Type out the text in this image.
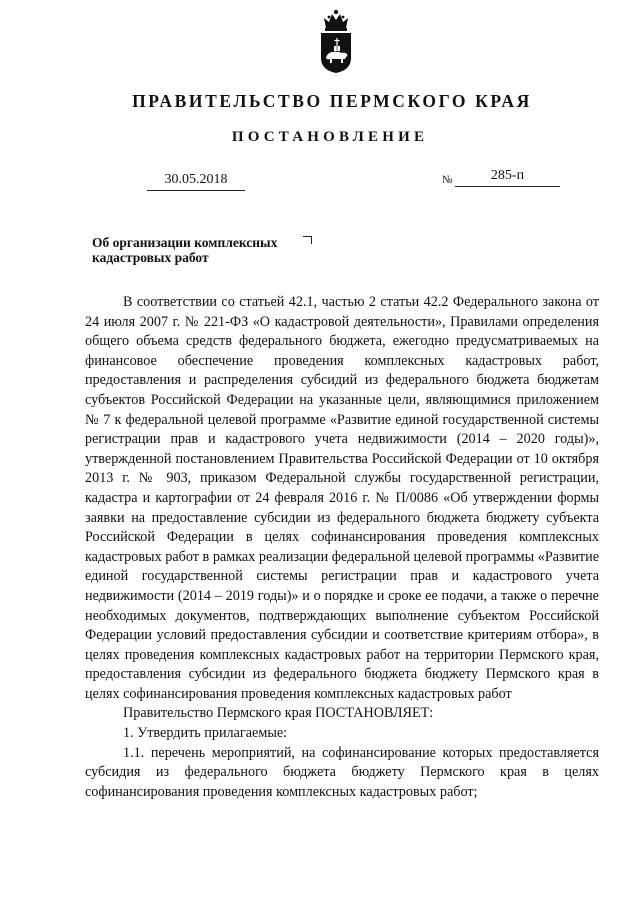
ПРАВИТЕЛЬСТВО ПЕРМСКОГО КРАЯ
ПОСТАНОВЛЕНИЕ
30.05.2018	№	285-п
Об организации комплексных
кадастровых работ

В соответствии со статьей 42.1, частью 2 статьи 42.2 Федерального закона от 24 июля 2007 г. № 221-ФЗ «О кадастровой деятельности», Правилами определения общего объема средств федерального бюджета, ежегодно предусматриваемых на финансовое обеспечение проведения комплексных кадастровых работ, предоставления и распределения субсидий из федерального бюджета бюджетам субъектов Российской Федерации на указанные цели, являющимися приложением № 7 к федеральной целевой программе «Развитие единой государственной системы регистрации прав и кадастрового учета недвижимости (2014 – 2020 годы)», утвержденной постановлением Правительства Российской Федерации от 10 октября 2013 г. № 903, приказом Федеральной службы государственной регистрации, кадастра и картографии от 24 февраля 2016 г. № П/0086 «Об утверждении формы заявки на предоставление субсидии из федерального бюджета бюджету субъекта Российской Федерации в целях софинансирования проведения комплексных кадастровых работ в рамках реализации федеральной целевой программы «Развитие единой государственной системы регистрации прав и кадастрового учета недвижимости (2014 – 2019 годы)» и о порядке и сроке ее подачи, а также о перечне необходимых документов, подтверждающих выполнение субъектом Российской Федерации условий предоставления субсидии и соответствие критериям отбора», в целях проведения комплексных кадастровых работ на территории Пермского края, предоставления субсидии из федерального бюджета бюджету Пермского края в целях софинансирования проведения комплексных кадастровых работ

Правительство Пермского края ПОСТАНОВЛЯЕТ:

1. Утвердить прилагаемые:

1.1. перечень мероприятий, на софинансирование которых предоставляется субсидия из федерального бюджета бюджету Пермского края в целях софинансирования проведения комплексных кадастровых работ;
